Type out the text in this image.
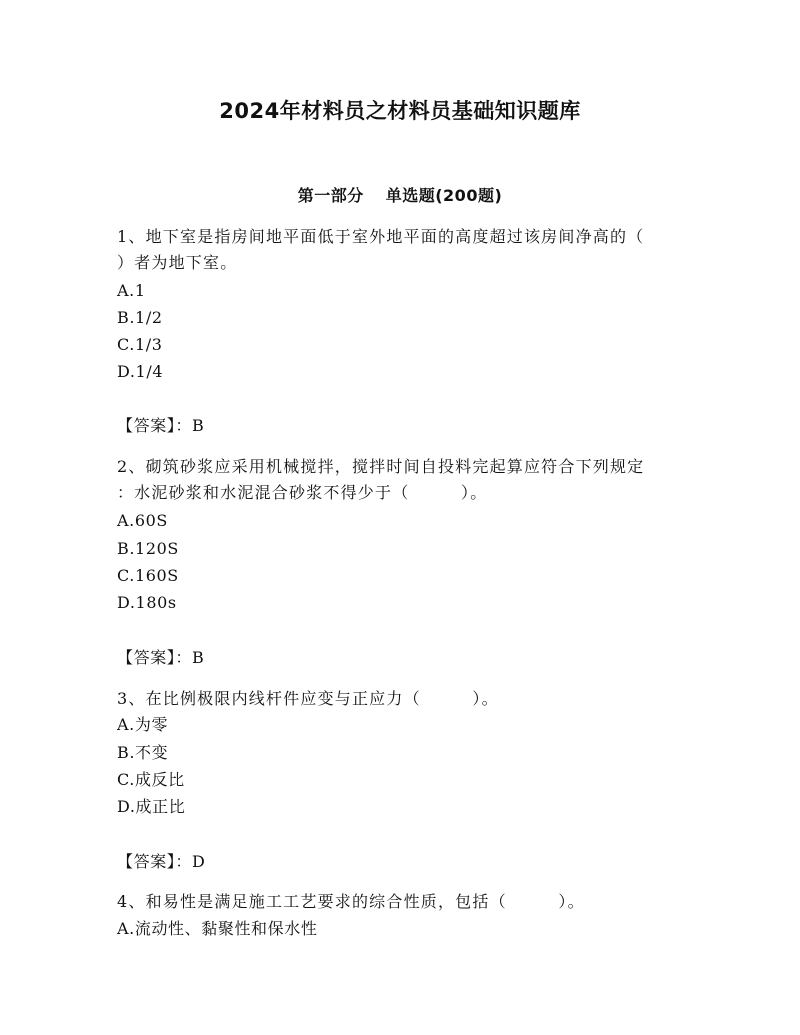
2024年材料员之材料员基础知识题库
第一部分 单选题(200题)
1、地下室是指房间地平面低于室外地平面的高度超过该房间净高的（
）者为地下室。
A.1
B.1/2
C.1/3
D.1/4
【答案】：B
2、砌筑砂浆应采用机械搅拌，搅拌时间自投料完起算应符合下列规定
：水泥砂浆和水泥混合砂浆不得少于（　　　）。
A.60S
B.120S
C.160S
D.180s
【答案】：B
3、在比例极限内线杆件应变与正应力（　　　）。
A.为零
B.不变
C.成反比
D.成正比
【答案】：D
4、和易性是满足施工工艺要求的综合性质，包括（　　　）。
A.流动性、黏聚性和保水性
